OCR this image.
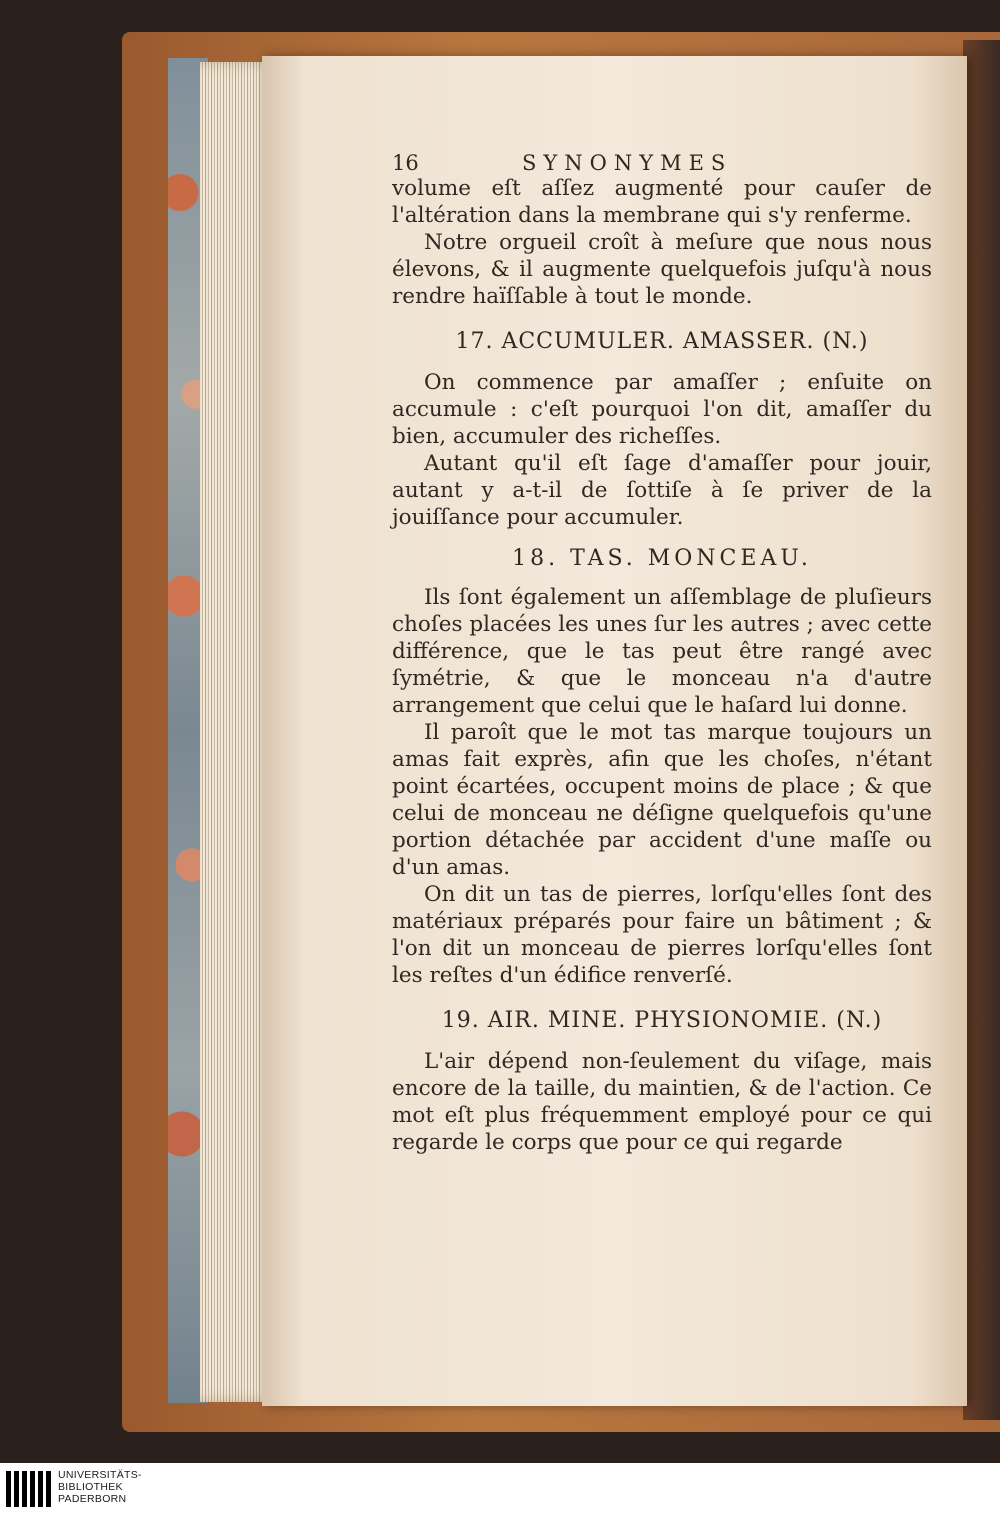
16	SYNONYMES

volume eſt aſſez augmenté pour cauſer de l'altération dans la membrane qui s'y renferme.

Notre orgueil croît à meſure que nous nous élevons, & il augmente quelquefois juſqu'à nous rendre haïſſable à tout le monde.

17. ACCUMULER. AMASSER. (N.)

On commence par amaſſer ; enſuite on accumule : c'eſt pourquoi l'on dit, amaſſer du bien, accumuler des richeſſes.

Autant qu'il eſt ſage d'amaſſer pour jouir, autant y a-t-il de ſottiſe à ſe priver de la jouiſſance pour accumuler.

18. TAS. MONCEAU.

Ils ſont également un aſſemblage de pluſieurs choſes placées les unes ſur les autres ; avec cette différence, que le tas peut être rangé avec ſymétrie, & que le monceau n'a d'autre arrangement que celui que le haſard lui donne.

Il paroît que le mot tas marque toujours un amas fait exprès, afin que les choſes, n'étant point écartées, occupent moins de place ; & que celui de monceau ne déſigne quelquefois qu'une portion détachée par accident d'une maſſe ou d'un amas.

On dit un tas de pierres, lorſqu'elles ſont des matériaux préparés pour faire un bâtiment ; & l'on dit un monceau de pierres lorſqu'elles ſont les reſtes d'un édifice renverſé.

19. AIR. MINE. PHYSIONOMIE. (N.)

L'air dépend non-ſeulement du viſage, mais encore de la taille, du maintien, & de l'action. Ce mot eſt plus fréquemment employé pour ce qui regarde le corps que pour ce qui regarde

UNIVERSITÄTS-
BIBLIOTHEK
PADERBORN
